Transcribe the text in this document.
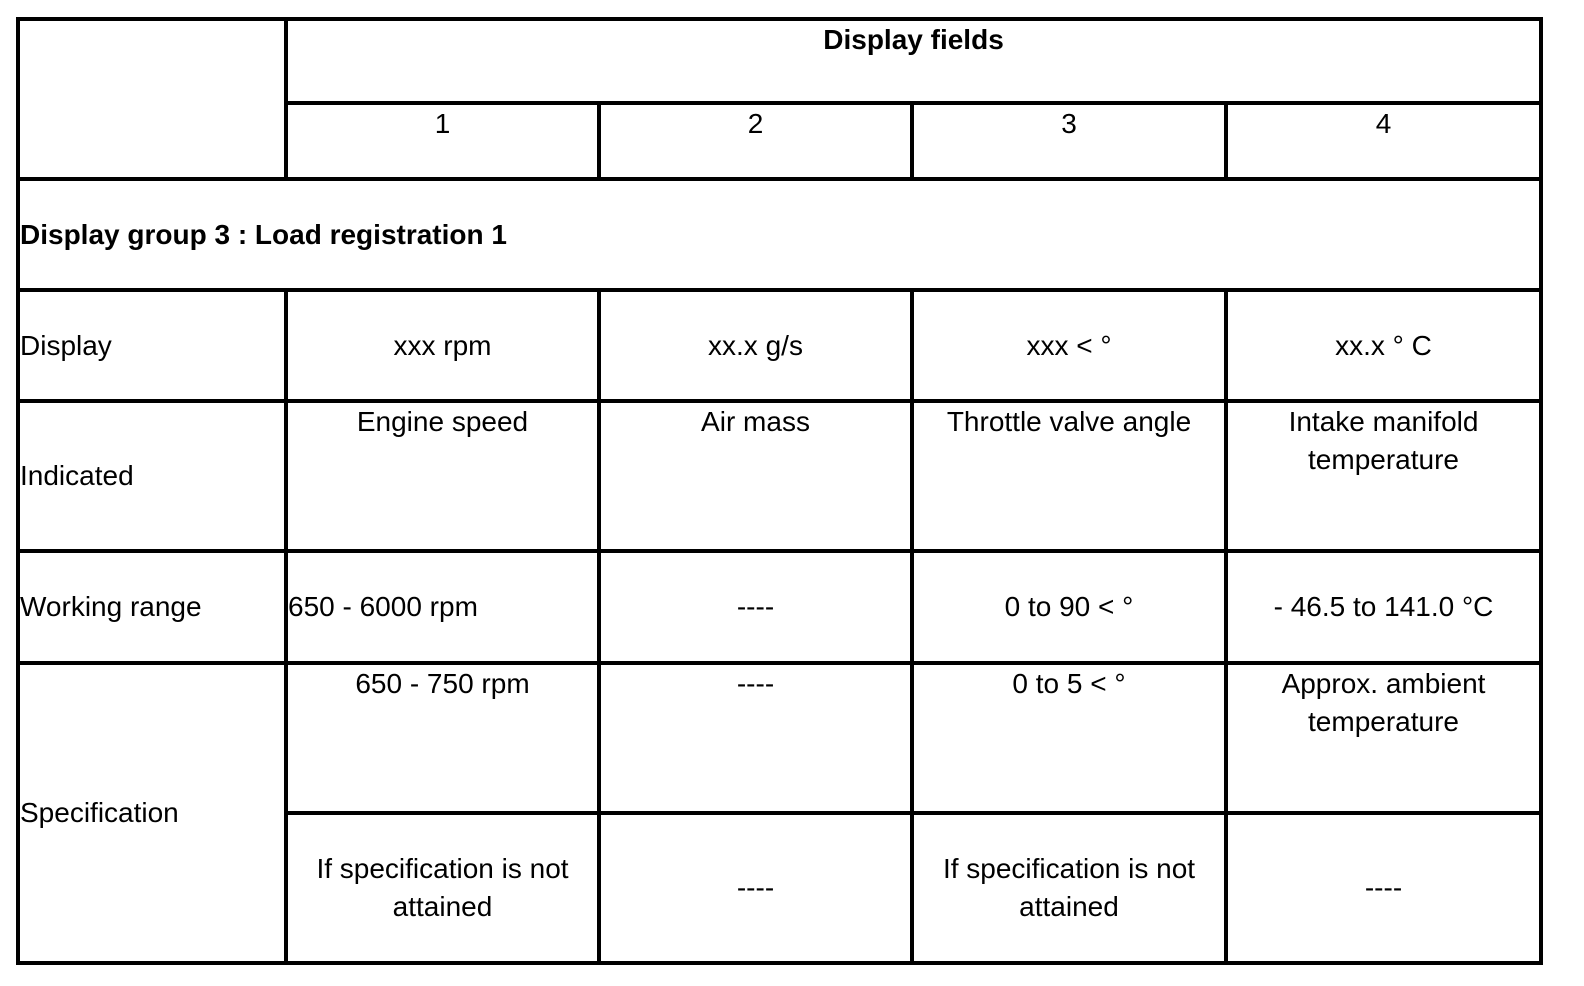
	Display fields			
	1	2	3	4
Display group 3 : Load registration 1				
Display	xxx rpm	xx.x g/s	xxx < °	xx.x ° C
Indicated	Engine speed	Air mass	Throttle valve angle	Intake manifold temperature

Working range	650 - 6000 rpm	----	0 to 90 < °	- 46.5 to 141.0 °C
Specification	650 - 750 rpm	----	0 to 5 < °	Approx. ambient temperature

	If specification is not attained	----	If specification is not attained	----
